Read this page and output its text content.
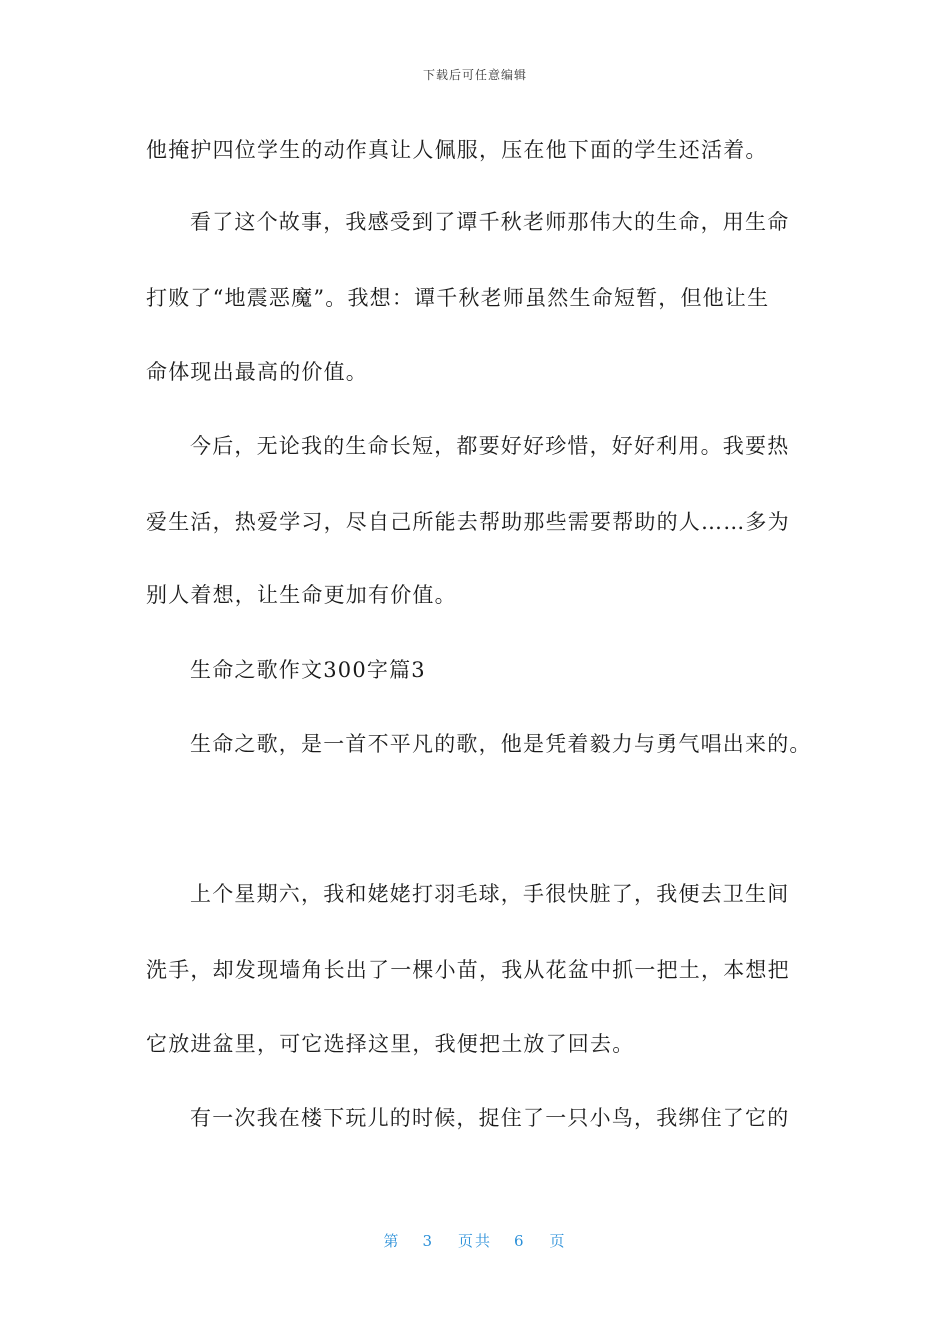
下载后可任意编辑
他掩护四位学生的动作真让人佩服，压在他下面的学生还活着。
看了这个故事，我感受到了谭千秋老师那伟大的生命，用生命
打败了“地震恶魔”。我想：谭千秋老师虽然生命短暂，但他让生
命体现出最高的价值。
今后，无论我的生命长短，都要好好珍惜，好好利用。我要热
爱生活，热爱学习，尽自己所能去帮助那些需要帮助的人……多为
别人着想，让生命更加有价值。
生命之歌作文300字篇3
生命之歌，是一首不平凡的歌，他是凭着毅力与勇气唱出来的。
上个星期六，我和姥姥打羽毛球，手很快脏了，我便去卫生间
洗手，却发现墙角长出了一棵小苗，我从花盆中抓一把土，本想把
它放进盆里，可它选择这里，我便把土放了回去。
有一次我在楼下玩儿的时候，捉住了一只小鸟，我绑住了它的
第 3 页共 6 页
